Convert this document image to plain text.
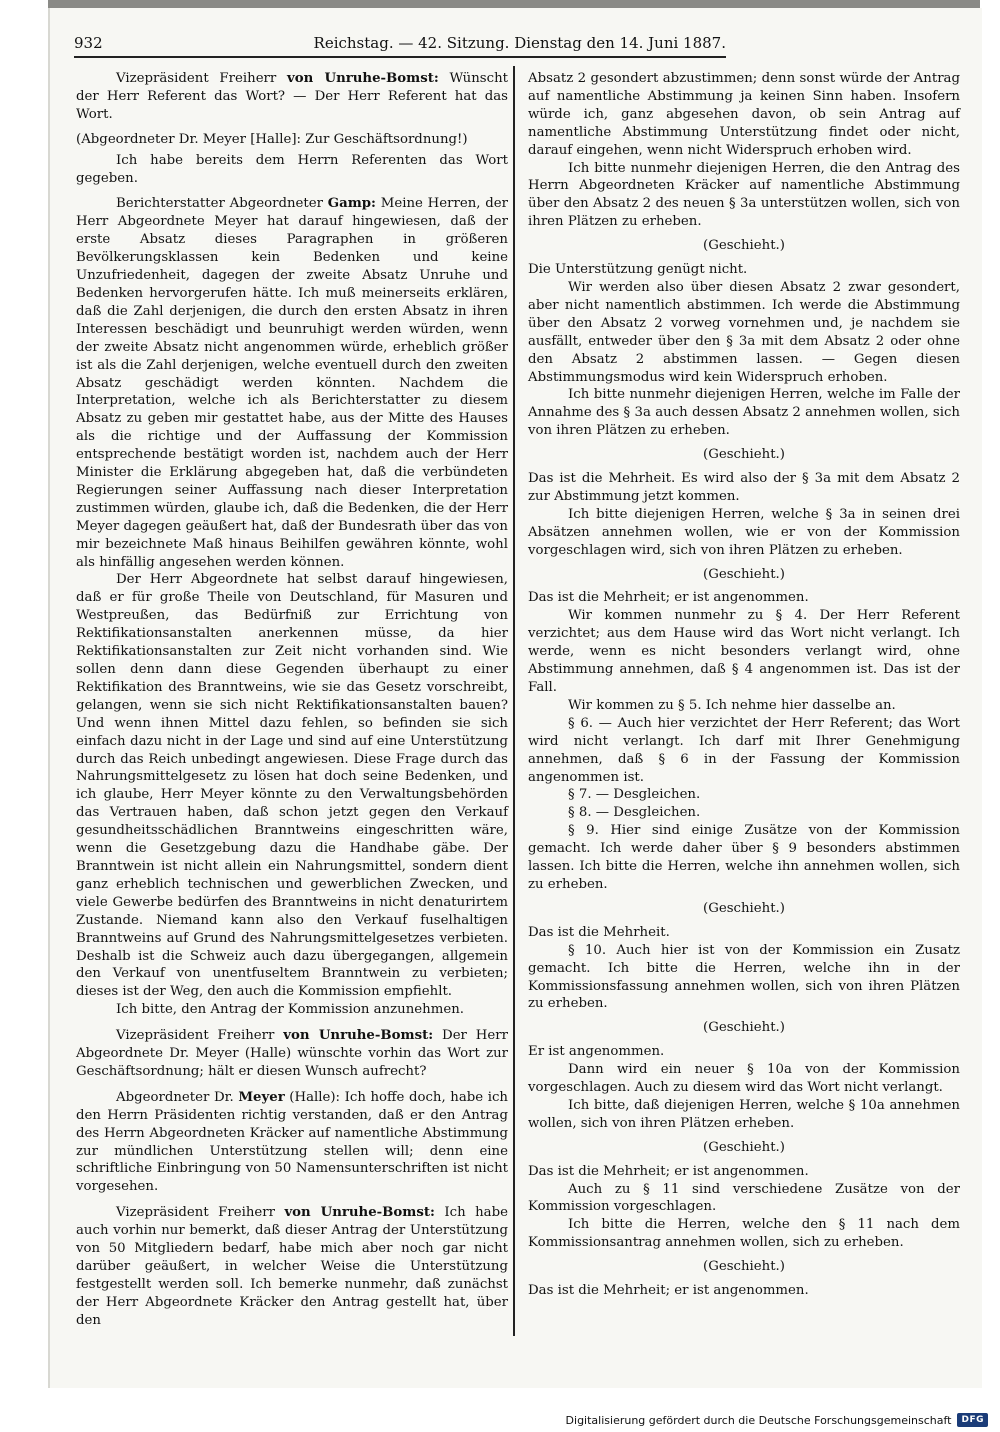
932	Reichstag. — 42. Sitzung. Dienstag den 14. Juni 1887.

Vizepräsident Freiherr von Unruhe-Bomst: Wünscht der Herr Referent das Wort? — Der Herr Referent hat das Wort.

(Abgeordneter Dr. Meyer [Halle]: Zur Geschäftsordnung!)

Ich habe bereits dem Herrn Referenten das Wort gegeben.

Berichterstatter Abgeordneter Gamp: Meine Herren, der Herr Abgeordnete Meyer hat darauf hingewiesen, daß der erste Absatz dieses Paragraphen in größeren Bevölkerungsklassen kein Bedenken und keine Unzufriedenheit, dagegen der zweite Absatz Unruhe und Bedenken hervorgerufen hätte. Ich muß meinerseits erklären, daß die Zahl derjenigen, die durch den ersten Absatz in ihren Interessen beschädigt und beunruhigt werden würden, wenn der zweite Absatz nicht angenommen würde, erheblich größer ist als die Zahl derjenigen, welche eventuell durch den zweiten Absatz geschädigt werden könnten. Nachdem die Interpretation, welche ich als Berichterstatter zu diesem Absatz zu geben mir gestattet habe, aus der Mitte des Hauses als die richtige und der Auffassung der Kommission entsprechende bestätigt worden ist, nachdem auch der Herr Minister die Erklärung abgegeben hat, daß die verbündeten Regierungen seiner Auffassung nach dieser Interpretation zustimmen würden, glaube ich, daß die Bedenken, die der Herr Meyer dagegen geäußert hat, daß der Bundesrath über das von mir bezeichnete Maß hinaus Beihilfen gewähren könnte, wohl als hinfällig angesehen werden können.

Der Herr Abgeordnete hat selbst darauf hingewiesen, daß er für große Theile von Deutschland, für Masuren und Westpreußen, das Bedürfniß zur Errichtung von Rektifikationsanstalten anerkennen müsse, da hier Rektifikationsanstalten zur Zeit nicht vorhanden sind. Wie sollen denn dann diese Gegenden überhaupt zu einer Rektifikation des Branntweins, wie sie das Gesetz vorschreibt, gelangen, wenn sie sich nicht Rektifikationsanstalten bauen? Und wenn ihnen Mittel dazu fehlen, so befinden sie sich einfach dazu nicht in der Lage und sind auf eine Unterstützung durch das Reich unbedingt angewiesen. Diese Frage durch das Nahrungsmittelgesetz zu lösen hat doch seine Bedenken, und ich glaube, Herr Meyer könnte zu den Verwaltungsbehörden das Vertrauen haben, daß schon jetzt gegen den Verkauf gesundheitsschädlichen Branntweins eingeschritten wäre, wenn die Gesetzgebung dazu die Handhabe gäbe. Der Branntwein ist nicht allein ein Nahrungsmittel, sondern dient ganz erheblich technischen und gewerblichen Zwecken, und viele Gewerbe bedürfen des Branntweins in nicht denaturirtem Zustande. Niemand kann also den Verkauf fuselhaltigen Branntweins auf Grund des Nahrungsmittelgesetzes verbieten. Deshalb ist die Schweiz auch dazu übergegangen, allgemein den Verkauf von unentfuseltem Branntwein zu verbieten; dieses ist der Weg, den auch die Kommission empfiehlt.

Ich bitte, den Antrag der Kommission anzunehmen.

Vizepräsident Freiherr von Unruhe-Bomst: Der Herr Abgeordnete Dr. Meyer (Halle) wünschte vorhin das Wort zur Geschäftsordnung; hält er diesen Wunsch aufrecht?

Abgeordneter Dr. Meyer (Halle): Ich hoffe doch, habe ich den Herrn Präsidenten richtig verstanden, daß er den Antrag des Herrn Abgeordneten Kräcker auf namentliche Abstimmung zur mündlichen Unterstützung stellen will; denn eine schriftliche Einbringung von 50 Namensunterschriften ist nicht vorgesehen.

Vizepräsident Freiherr von Unruhe-Bomst: Ich habe auch vorhin nur bemerkt, daß dieser Antrag der Unterstützung von 50 Mitgliedern bedarf, habe mich aber noch gar nicht darüber geäußert, in welcher Weise die Unterstützung festgestellt werden soll. Ich bemerke nunmehr, daß zunächst der Herr Abgeordnete Kräcker den Antrag gestellt hat, über den

Absatz 2 gesondert abzustimmen; denn sonst würde der Antrag auf namentliche Abstimmung ja keinen Sinn haben. Insofern würde ich, ganz abgesehen davon, ob sein Antrag auf namentliche Abstimmung Unterstützung findet oder nicht, darauf eingehen, wenn nicht Widerspruch erhoben wird.

Ich bitte nunmehr diejenigen Herren, die den Antrag des Herrn Abgeordneten Kräcker auf namentliche Abstimmung über den Absatz 2 des neuen § 3a unterstützen wollen, sich von ihren Plätzen zu erheben.

(Geschieht.)

Die Unterstützung genügt nicht.

Wir werden also über diesen Absatz 2 zwar gesondert, aber nicht namentlich abstimmen. Ich werde die Abstimmung über den Absatz 2 vorweg vornehmen und, je nachdem sie ausfällt, entweder über den § 3a mit dem Absatz 2 oder ohne den Absatz 2 abstimmen lassen. — Gegen diesen Abstimmungsmodus wird kein Widerspruch erhoben.

Ich bitte nunmehr diejenigen Herren, welche im Falle der Annahme des § 3a auch dessen Absatz 2 annehmen wollen, sich von ihren Plätzen zu erheben.

(Geschieht.)

Das ist die Mehrheit. Es wird also der § 3a mit dem Absatz 2 zur Abstimmung jetzt kommen.

Ich bitte diejenigen Herren, welche § 3a in seinen drei Absätzen annehmen wollen, wie er von der Kommission vorgeschlagen wird, sich von ihren Plätzen zu erheben.

(Geschieht.)

Das ist die Mehrheit; er ist angenommen.

Wir kommen nunmehr zu § 4. Der Herr Referent verzichtet; aus dem Hause wird das Wort nicht verlangt. Ich werde, wenn es nicht besonders verlangt wird, ohne Abstimmung annehmen, daß § 4 angenommen ist. Das ist der Fall.

Wir kommen zu § 5. Ich nehme hier dasselbe an.

§ 6. — Auch hier verzichtet der Herr Referent; das Wort wird nicht verlangt. Ich darf mit Ihrer Genehmigung annehmen, daß § 6 in der Fassung der Kommission angenommen ist.

§ 7. — Desgleichen.

§ 8. — Desgleichen.

§ 9. Hier sind einige Zusätze von der Kommission gemacht. Ich werde daher über § 9 besonders abstimmen lassen. Ich bitte die Herren, welche ihn annehmen wollen, sich zu erheben.

(Geschieht.)

Das ist die Mehrheit.

§ 10. Auch hier ist von der Kommission ein Zusatz gemacht. Ich bitte die Herren, welche ihn in der Kommissionsfassung annehmen wollen, sich von ihren Plätzen zu erheben.

(Geschieht.)

Er ist angenommen.

Dann wird ein neuer § 10a von der Kommission vorgeschlagen. Auch zu diesem wird das Wort nicht verlangt.

Ich bitte, daß diejenigen Herren, welche § 10a annehmen wollen, sich von ihren Plätzen erheben.

(Geschieht.)

Das ist die Mehrheit; er ist angenommen.

Auch zu § 11 sind verschiedene Zusätze von der Kommission vorgeschlagen.

Ich bitte die Herren, welche den § 11 nach dem Kommissionsantrag annehmen wollen, sich zu erheben.

(Geschieht.)

Das ist die Mehrheit; er ist angenommen.

Digitalisierung gefördert durch die Deutsche Forschungsgemeinschaft	DFG
